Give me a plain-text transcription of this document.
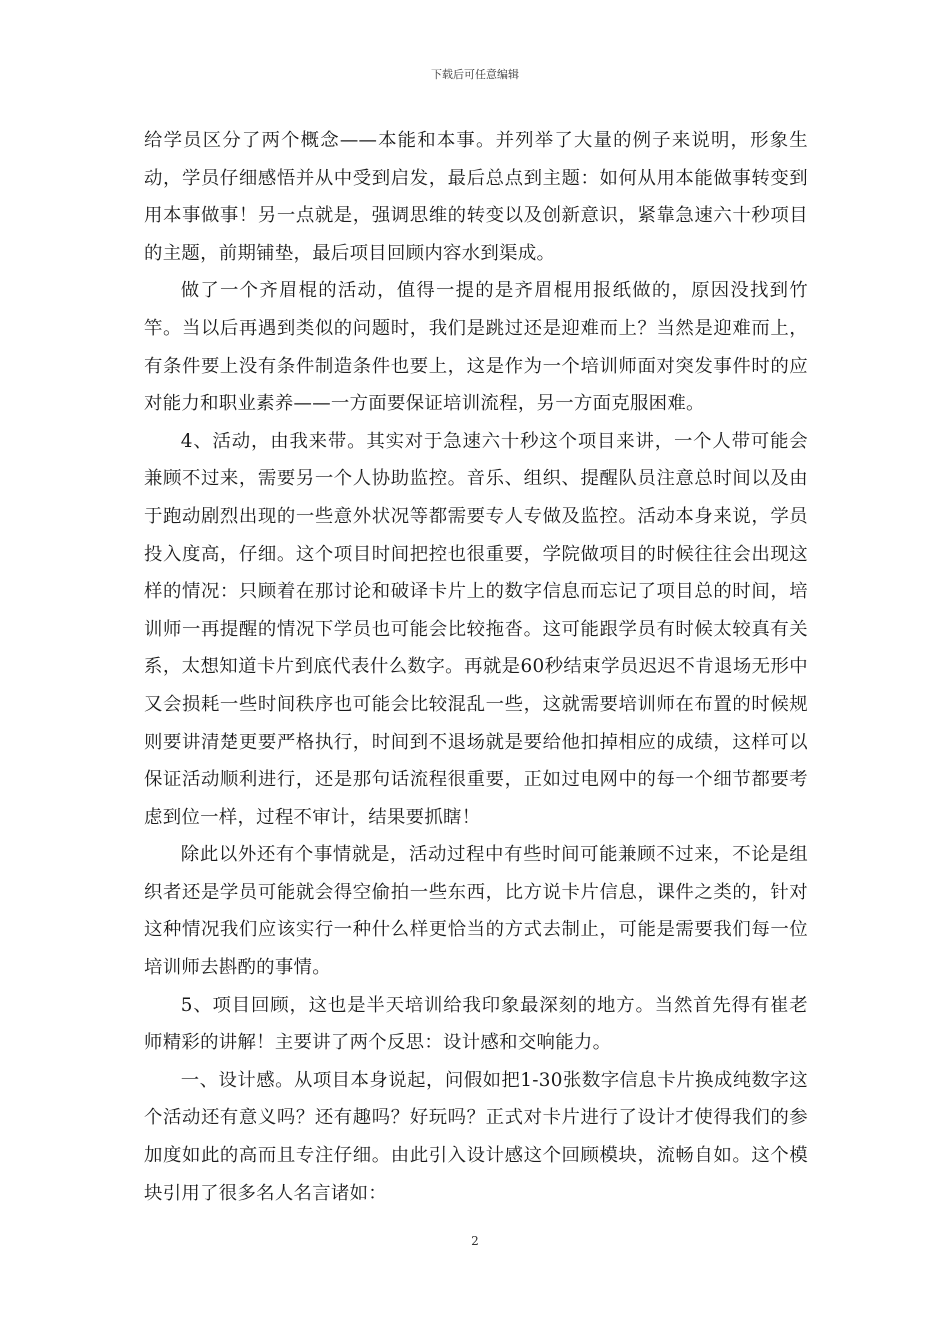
下载后可任意编辑

给学员区分了两个概念——本能和本事。并列举了大量的例子来说明，形象生动，学员仔细感悟并从中受到启发，最后总点到主题：如何从用本能做事转变到用本事做事！另一点就是，强调思维的转变以及创新意识，紧靠急速六十秒项目的主题，前期铺垫，最后项目回顾内容水到渠成。

做了一个齐眉棍的活动，值得一提的是齐眉棍用报纸做的，原因没找到竹竿。当以后再遇到类似的问题时，我们是跳过还是迎难而上？当然是迎难而上，有条件要上没有条件制造条件也要上，这是作为一个培训师面对突发事件时的应对能力和职业素养——一方面要保证培训流程，另一方面克服困难。

4、活动，由我来带。其实对于急速六十秒这个项目来讲，一个人带可能会兼顾不过来，需要另一个人协助监控。音乐、组织、提醒队员注意总时间以及由于跑动剧烈出现的一些意外状况等都需要专人专做及监控。活动本身来说，学员投入度高，仔细。这个项目时间把控也很重要，学院做项目的时候往往会出现这样的情况：只顾着在那讨论和破译卡片上的数字信息而忘记了项目总的时间，培训师一再提醒的情况下学员也可能会比较拖沓。这可能跟学员有时候太较真有关系，太想知道卡片到底代表什么数字。再就是60秒结束学员迟迟不肯退场无形中又会损耗一些时间秩序也可能会比较混乱一些，这就需要培训师在布置的时候规则要讲清楚更要严格执行，时间到不退场就是要给他扣掉相应的成绩，这样可以保证活动顺利进行，还是那句话流程很重要，正如过电网中的每一个细节都要考虑到位一样，过程不审计，结果要抓瞎！

除此以外还有个事情就是，活动过程中有些时间可能兼顾不过来，不论是组织者还是学员可能就会得空偷拍一些东西，比方说卡片信息，课件之类的，针对这种情况我们应该实行一种什么样更恰当的方式去制止，可能是需要我们每一位培训师去斟酌的事情。

5、项目回顾，这也是半天培训给我印象最深刻的地方。当然首先得有崔老师精彩的讲解！主要讲了两个反思：设计感和交响能力。

一、设计感。从项目本身说起，问假如把1-30张数字信息卡片换成纯数字这个活动还有意义吗？还有趣吗？好玩吗？正式对卡片进行了设计才使得我们的参加度如此的高而且专注仔细。由此引入设计感这个回顾模块，流畅自如。这个模块引用了很多名人名言诸如：

2
